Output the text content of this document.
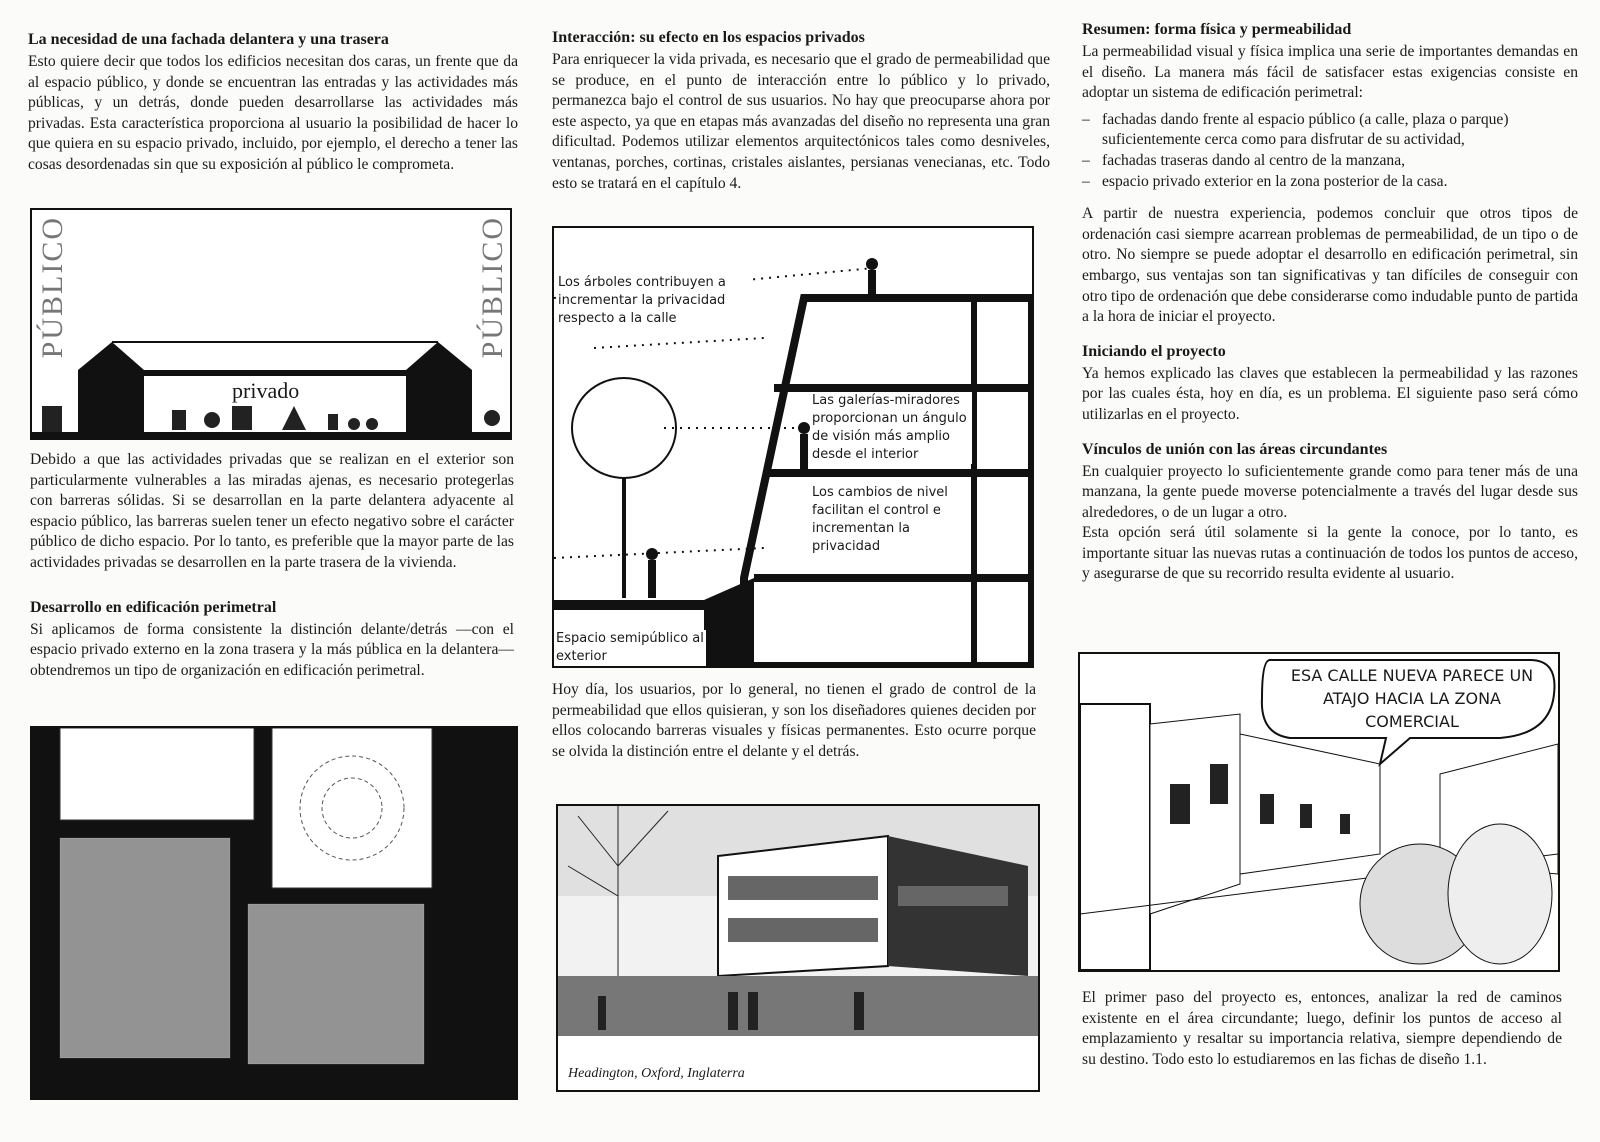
La necesidad de una fachada delantera y una trasera

Esto quiere decir que todos los edificios necesitan dos caras, un frente que da al espacio público, y donde se encuentran las entradas y las actividades más públicas, y un detrás, donde pueden desarrollarse las actividades más privadas. Esta característica proporciona al usuario la posibilidad de hacer lo que quiera en su espacio privado, incluido, por ejemplo, el derecho a tener las cosas desordenadas sin que su exposición al público le comprometa.

PÚBLICO	PÚBLICO
privado

Debido a que las actividades privadas que se realizan en el exterior son particularmente vulnerables a las miradas ajenas, es necesario protegerlas con barreras sólidas. Si se desarrollan en la parte delantera adyacente al espacio público, las barreras suelen tener un efecto negativo sobre el carácter público de dicho espacio. Por lo tanto, es preferible que la mayor parte de las actividades privadas se desarrollen en la parte trasera de la vivienda.

Desarrollo en edificación perimetral

Si aplicamos de forma consistente la distinción delante/detrás —con el espacio privado externo en la zona trasera y la más pública en la delantera— obtendremos un tipo de organización en edificación perimetral.

Interacción: su efecto en los espacios privados

Para enriquecer la vida privada, es necesario que el grado de permeabilidad que se produce, en el punto de interacción entre lo público y lo privado, permanezca bajo el control de sus usuarios. No hay que preocuparse ahora por este aspecto, ya que en etapas más avanzadas del diseño no representa una gran dificultad. Podemos utilizar elementos arquitectónicos tales como desniveles, ventanas, porches, cortinas, cristales aislantes, persianas venecianas, etc. Todo esto se tratará en el capítulo 4.

Los árboles contribuyen a incrementar la privacidad respecto a la calle
Las galerías-miradores proporcionan un ángulo de visión más amplio desde el interior
Los cambios de nivel facilitan el control e incrementan la privacidad
Espacio semipúblico al exterior

Hoy día, los usuarios, por lo general, no tienen el grado de control de la permeabilidad que ellos quisieran, y son los diseñadores quienes deciden por ellos colocando barreras visuales y físicas permanentes. Esto ocurre porque se olvida la distinción entre el delante y el detrás.

Headington, Oxford, Inglaterra
Resumen: forma física y permeabilidad

La permeabilidad visual y física implica una serie de importantes demandas en el diseño. La manera más fácil de satisfacer estas exigencias consiste en adoptar un sistema de edificación perimetral:

– fachadas dando frente al espacio público (a calle, plaza o parque) suficientemente cerca como para disfrutar de su actividad,
– fachadas traseras dando al centro de la manzana,
– espacio privado exterior en la zona posterior de la casa.

A partir de nuestra experiencia, podemos concluir que otros tipos de ordenación casi siempre acarrean problemas de permeabilidad, de un tipo o de otro. No siempre se puede adoptar el desarrollo en edificación perimetral, sin embargo, sus ventajas son tan significativas y tan difíciles de conseguir con otro tipo de ordenación que debe considerarse como indudable punto de partida a la hora de iniciar el proyecto.

Iniciando el proyecto

Ya hemos explicado las claves que establecen la permeabilidad y las razones por las cuales ésta, hoy en día, es un problema. El siguiente paso será cómo utilizarlas en el proyecto.

Vínculos de unión con las áreas circundantes

En cualquier proyecto lo suficientemente grande como para tener más de una manzana, la gente puede moverse potencialmente a través del lugar desde sus alrededores, o de un lugar a otro.

Esta opción será útil solamente si la gente la conoce, por lo tanto, es importante situar las nuevas rutas a continuación de todos los puntos de acceso, y asegurarse de que su recorrido resulta evidente al usuario.

ESA CALLE NUEVA PARECE UN ATAJO HACIA LA ZONA COMERCIAL

El primer paso del proyecto es, entonces, analizar la red de caminos existente en el área circundante; luego, definir los puntos de acceso al emplazamiento y resaltar su importancia relativa, siempre dependiendo de su destino. Todo esto lo estudiaremos en las fichas de diseño 1.1.
